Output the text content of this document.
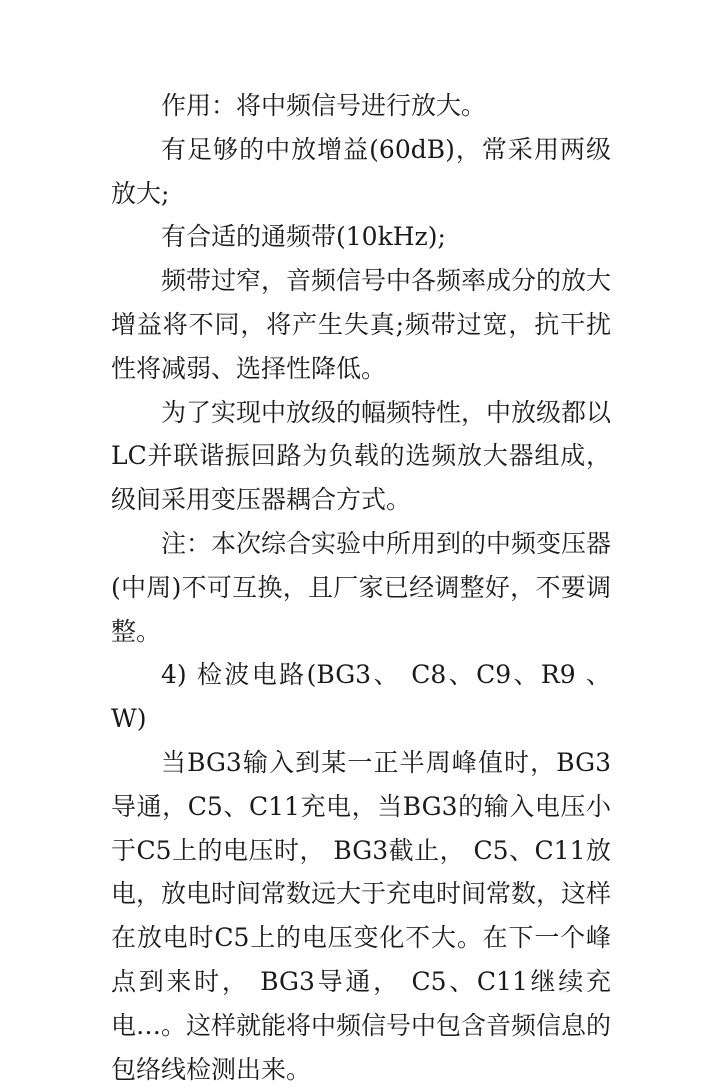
作用：将中频信号进行放大。

有足够的中放增益(60dB)，常采用两级放大;

有合适的通频带(10kHz);

频带过窄，音频信号中各频率成分的放大增益将不同，将产生失真;频带过宽，抗干扰性将减弱、选择性降低。

为了实现中放级的幅频特性，中放级都以LC并联谐振回路为负载的选频放大器组成，级间采用变压器耦合方式。

注：本次综合实验中所用到的中频变压器(中周)不可互换，且厂家已经调整好，不要调整。

4) 检波电路(BG3、 C8、C9、R9 、W)

当BG3输入到某一正半周峰值时，BG3导通，C5、C11充电，当BG3的输入电压小于C5上的电压时， BG3截止， C5、C11放电，放电时间常数远大于充电时间常数，这样在放电时C5上的电压变化不大。在下一个峰点到来时， BG3导通， C5、C11继续充电…。这样就能将中频信号中包含音频信息的包络线检测出来。
